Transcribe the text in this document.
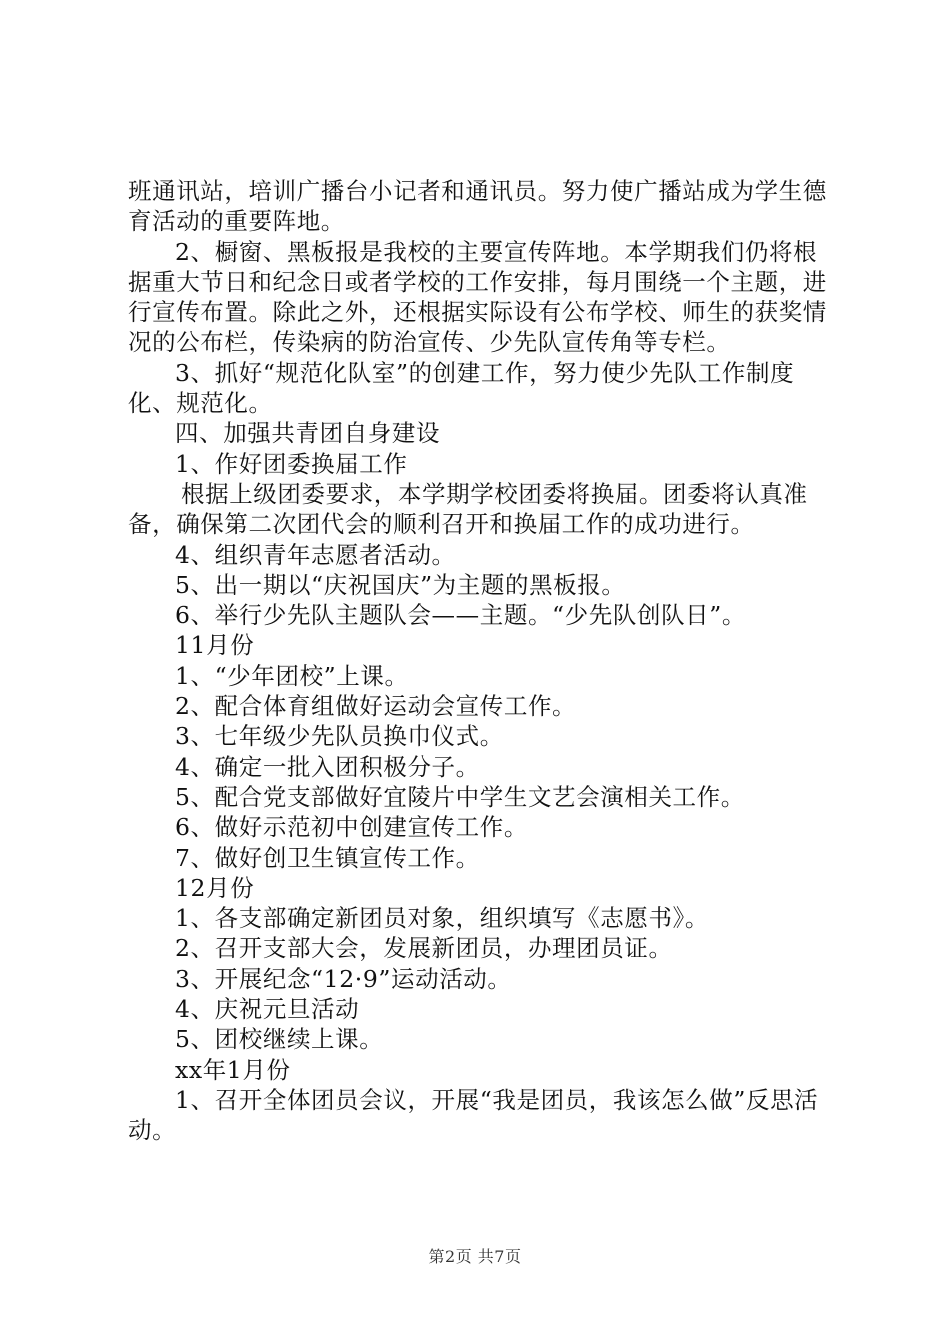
班通讯站，培训广播台小记者和通讯员。努力使广播站成为学生德育活动的重要阵地。

2、橱窗、黑板报是我校的主要宣传阵地。本学期我们仍将根据重大节日和纪念日或者学校的工作安排，每月围绕一个主题，进行宣传布置。除此之外，还根据实际设有公布学校、师生的获奖情况的公布栏，传染病的防治宣传、少先队宣传角等专栏。

3、抓好“规范化队室”的创建工作，努力使少先队工作制度化、规范化。

四、加强共青团自身建设

1、作好团委换届工作

根据上级团委要求，本学期学校团委将换届。团委将认真准备，确保第二次团代会的顺利召开和换届工作的成功进行。

4、组织青年志愿者活动。

5、出一期以“庆祝国庆”为主题的黑板报。

6、举行少先队主题队会——主题。“少先队创队日”。

11月份

1、“少年团校”上课。

2、配合体育组做好运动会宣传工作。

3、七年级少先队员换巾仪式。

4、确定一批入团积极分子。

5、配合党支部做好宜陵片中学生文艺会演相关工作。

6、做好示范初中创建宣传工作。

7、做好创卫生镇宣传工作。

12月份

1、各支部确定新团员对象，组织填写《志愿书》。

2、召开支部大会，发展新团员，办理团员证。

3、开展纪念“12·9”运动活动。

4、庆祝元旦活动

5、团校继续上课。

xx年1月份

1、召开全体团员会议，开展“我是团员，我该怎么做”反思活动。

第2页 共7页
